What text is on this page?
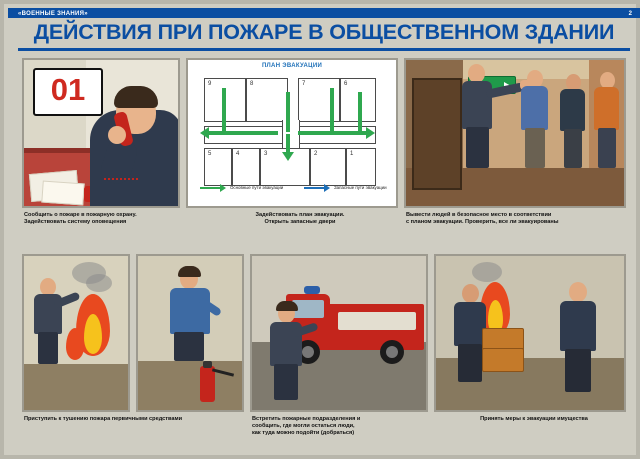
«ВОЕННЫЕ ЗНАНИЯ»	2
ДЕЙСТВИЯ ПРИ ПОЖАРЕ В ОБЩЕСТВЕННОМ ЗДАНИИ
01
Сообщить о пожаре в пожарную охрану.
Задействовать систему оповещения
ПЛАН ЭВАКУАЦИИ
9	8	7	6
5	4	3	2	1
Основные пути эвакуации	Запасные пути эвакуации
Задействовать план эвакуации.
Открыть запасные двери
Вывести людей в безопасное место в соответствии
с планом эвакуации. Проверить, все ли эвакуированы
Приступить к тушению пожара первичными средствами	Встретить пожарные подразделения и
сообщить, где могли остаться люди,
как туда можно подойти (добраться)
Принять меры к эвакуации имущества
